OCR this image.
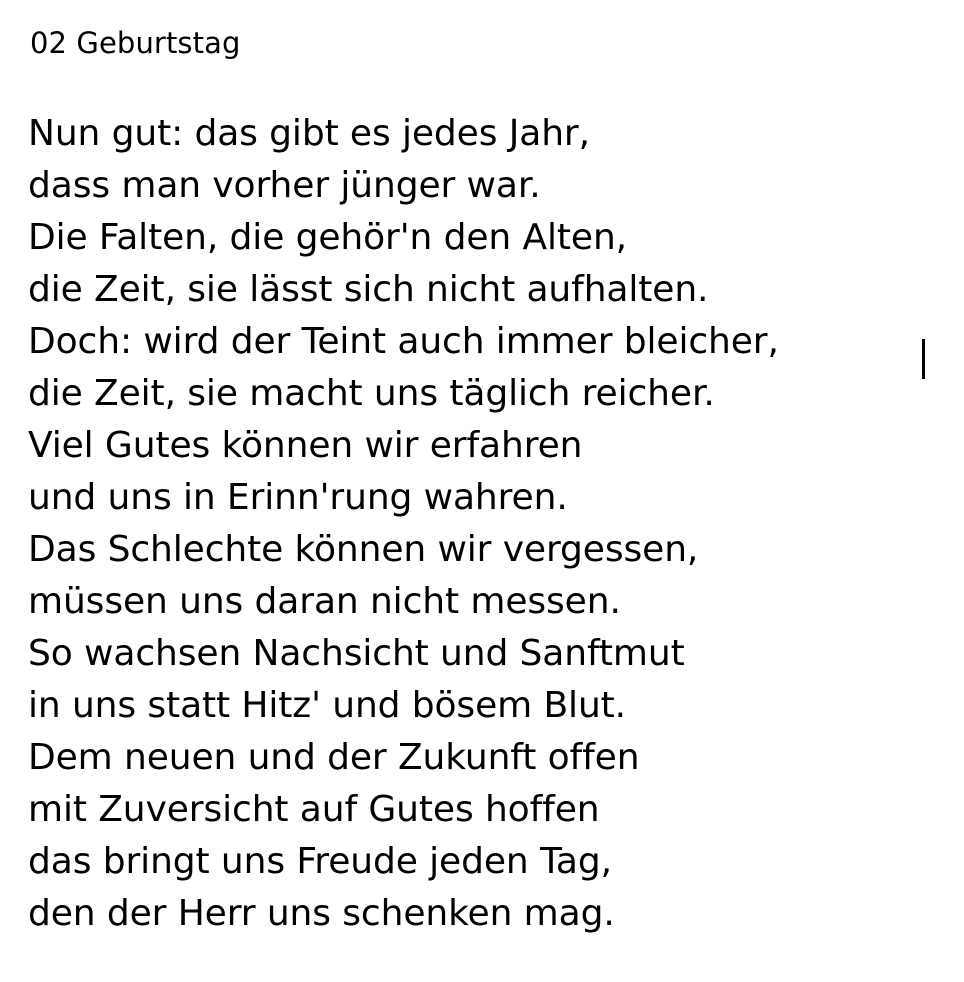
02 Geburtstag
Nun gut: das gibt es jedes Jahr,
dass man vorher jünger war.
Die Falten, die gehör'n den Alten,
die Zeit, sie lässt sich nicht aufhalten.
Doch: wird der Teint auch immer bleicher,
die Zeit, sie macht uns täglich reicher.
Viel Gutes können wir erfahren
und uns in Erinn'rung wahren.
Das Schlechte können wir vergessen,
müssen uns daran nicht messen.
So wachsen Nachsicht und Sanftmut
in uns statt Hitz' und bösem Blut.
Dem neuen und der Zukunft offen
mit Zuversicht auf Gutes hoffen
das bringt uns Freude jeden Tag,
den der Herr uns schenken mag.
